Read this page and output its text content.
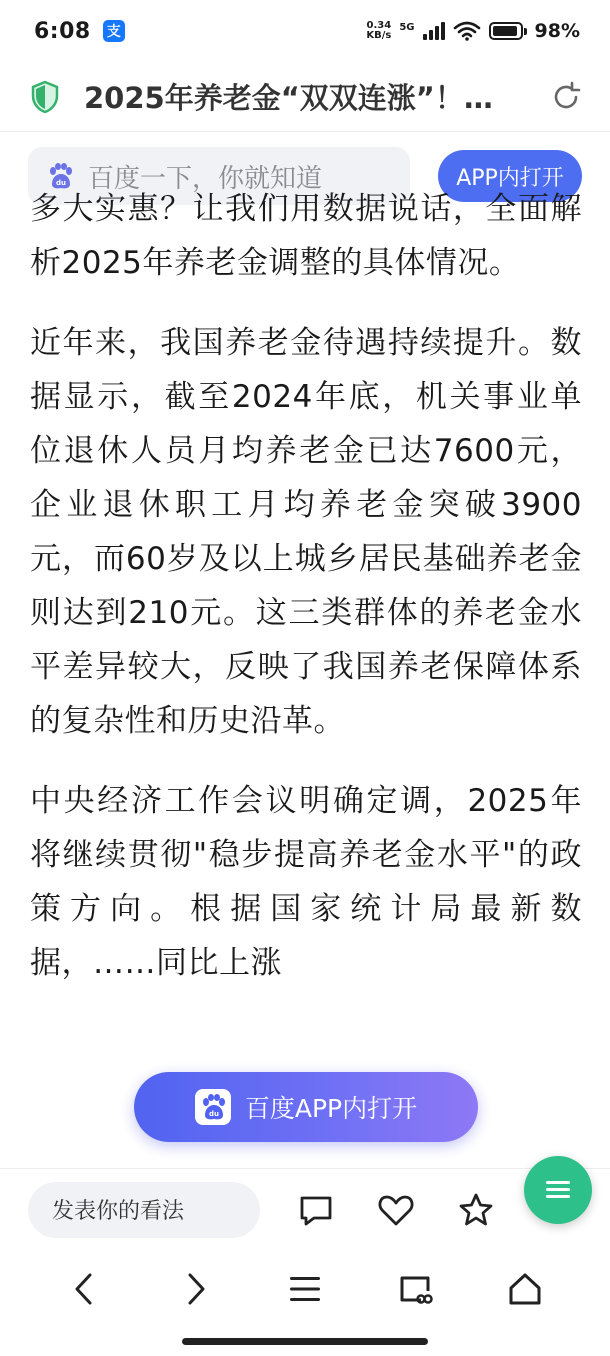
6:08 支	0.34
KB/s
5G	98%
2025年养老金“双双连涨”！…
du 百度一下，你就知道	APP内打开

多大实惠？让我们用数据说话，全面解析2025年养老金调整的具体情况。

近年来，我国养老金待遇持续提升。数据显示，截至2024年底，机关事业单位退休人员月均养老金已达7600元，企业退休职工月均养老金突破3900元，而60岁及以上城乡居民基础养老金则达到210元。这三类群体的养老金水平差异较大，反映了我国养老保障体系的复杂性和历史沿革。

中央经济工作会议明确定调，2025年将继续贯彻"稳步提高养老金水平"的政策方向。根据国家统计局最新数据，……同比上涨

du 百度APP内打开
发表你的看法
